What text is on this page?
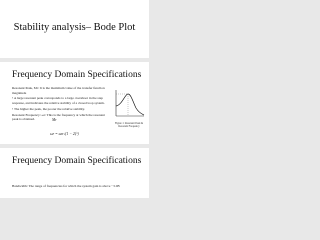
Stability analysis– Bode Plot
Frequency Domain Specifications

Resonant Peak, Mr: It is the maximum value of the transfer function magnitude

• A large resonant peak corresponds to a large overshoot in the step response, and indicates the relative stability of a closed loop system.

• The higher the peak, the poorer the relative stability.

Resonant Frequency: ωr: This is the frequency at which the resonant peak is obtained.	Mr
ωr = ωn√(1 − 2ζ²)
Figure 1: Resonant Peak & Resonant Frequency
Frequency Domain Specifications

Bandwidth: The range of frequencies for which the system gain is above −3 dB
